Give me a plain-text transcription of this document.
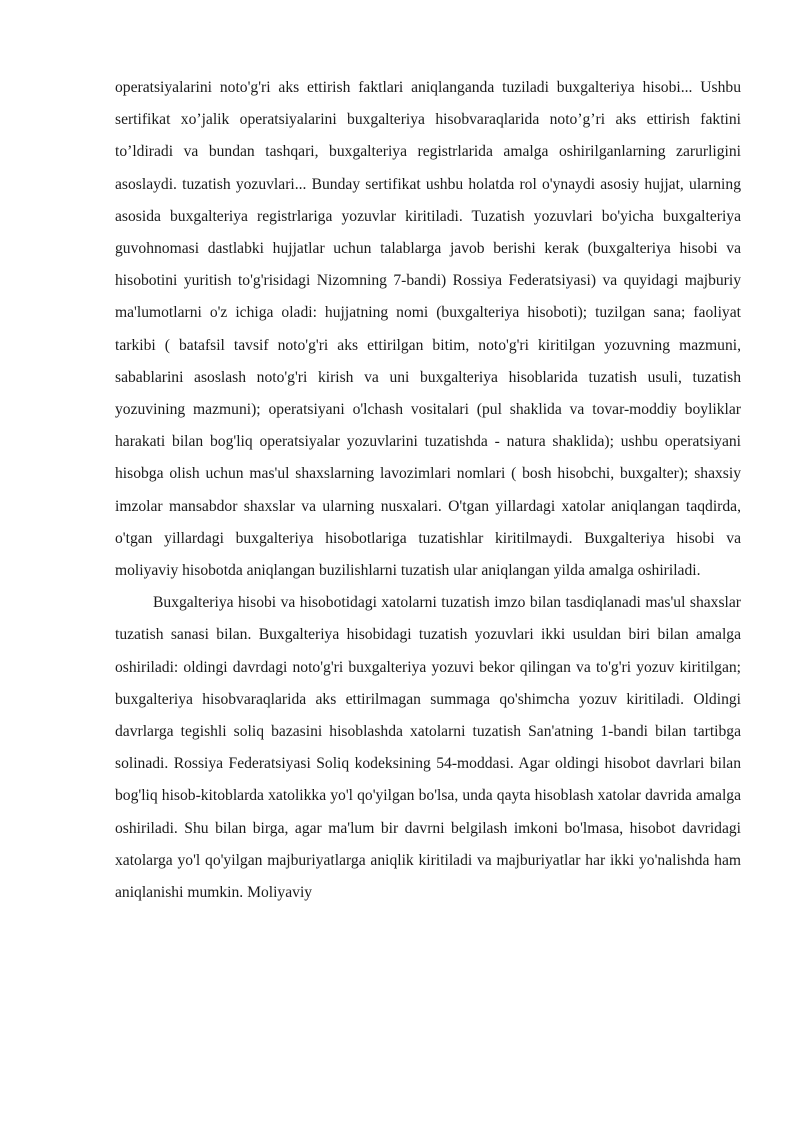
operatsiyalarini noto'g'ri aks ettirish faktlari aniqlanganda tuziladi buxgalteriya hisobi... Ushbu sertifikat xo’jalik operatsiyalarini buxgalteriya hisobvaraqlarida noto’g’ri aks ettirish faktini to’ldiradi va bundan tashqari, buxgalteriya registrlarida amalga oshirilganlarning zarurligini asoslaydi. tuzatish yozuvlari... Bunday sertifikat ushbu holatda rol o'ynaydi asosiy hujjat, ularning asosida buxgalteriya registrlariga yozuvlar kiritiladi. Tuzatish yozuvlari bo'yicha buxgalteriya guvohnomasi dastlabki hujjatlar uchun talablarga javob berishi kerak (buxgalteriya hisobi va hisobotini yuritish to'g'risidagi Nizomning 7-bandi) Rossiya Federatsiyasi) va quyidagi majburiy ma'lumotlarni o'z ichiga oladi: hujjatning nomi (buxgalteriya hisoboti); tuzilgan sana; faoliyat tarkibi ( batafsil tavsif noto'g'ri aks ettirilgan bitim, noto'g'ri kiritilgan yozuvning mazmuni, sabablarini asoslash noto'g'ri kirish va uni buxgalteriya hisoblarida tuzatish usuli, tuzatish yozuvining mazmuni); operatsiyani o'lchash vositalari (pul shaklida va tovar-moddiy boyliklar harakati bilan bog'liq operatsiyalar yozuvlarini tuzatishda - natura shaklida); ushbu operatsiyani hisobga olish uchun mas'ul shaxslarning lavozimlari nomlari ( bosh hisobchi, buxgalter); shaxsiy imzolar mansabdor shaxslar va ularning nusxalari. O'tgan yillardagi xatolar aniqlangan taqdirda, o'tgan yillardagi buxgalteriya hisobotlariga tuzatishlar kiritilmaydi. Buxgalteriya hisobi va moliyaviy hisobotda aniqlangan buzilishlarni tuzatish ular aniqlangan yilda amalga oshiriladi.

Buxgalteriya hisobi va hisobotidagi xatolarni tuzatish imzo bilan tasdiqlanadi mas'ul shaxslar tuzatish sanasi bilan. Buxgalteriya hisobidagi tuzatish yozuvlari ikki usuldan biri bilan amalga oshiriladi: oldingi davrdagi noto'g'ri buxgalteriya yozuvi bekor qilingan va to'g'ri yozuv kiritilgan; buxgalteriya hisobvaraqlarida aks ettirilmagan summaga qo'shimcha yozuv kiritiladi. Oldingi davrlarga tegishli soliq bazasini hisoblashda xatolarni tuzatish San'atning 1-bandi bilan tartibga solinadi. Rossiya Federatsiyasi Soliq kodeksining 54-moddasi. Agar oldingi hisobot davrlari bilan bog'liq hisob-kitoblarda xatolikka yo'l qo'yilgan bo'lsa, unda qayta hisoblash xatolar davrida amalga oshiriladi. Shu bilan birga, agar ma'lum bir davrni belgilash imkoni bo'lmasa, hisobot davridagi xatolarga yo'l qo'yilgan majburiyatlarga aniqlik kiritiladi va majburiyatlar har ikki yo'nalishda ham aniqlanishi mumkin. Moliyaviy
